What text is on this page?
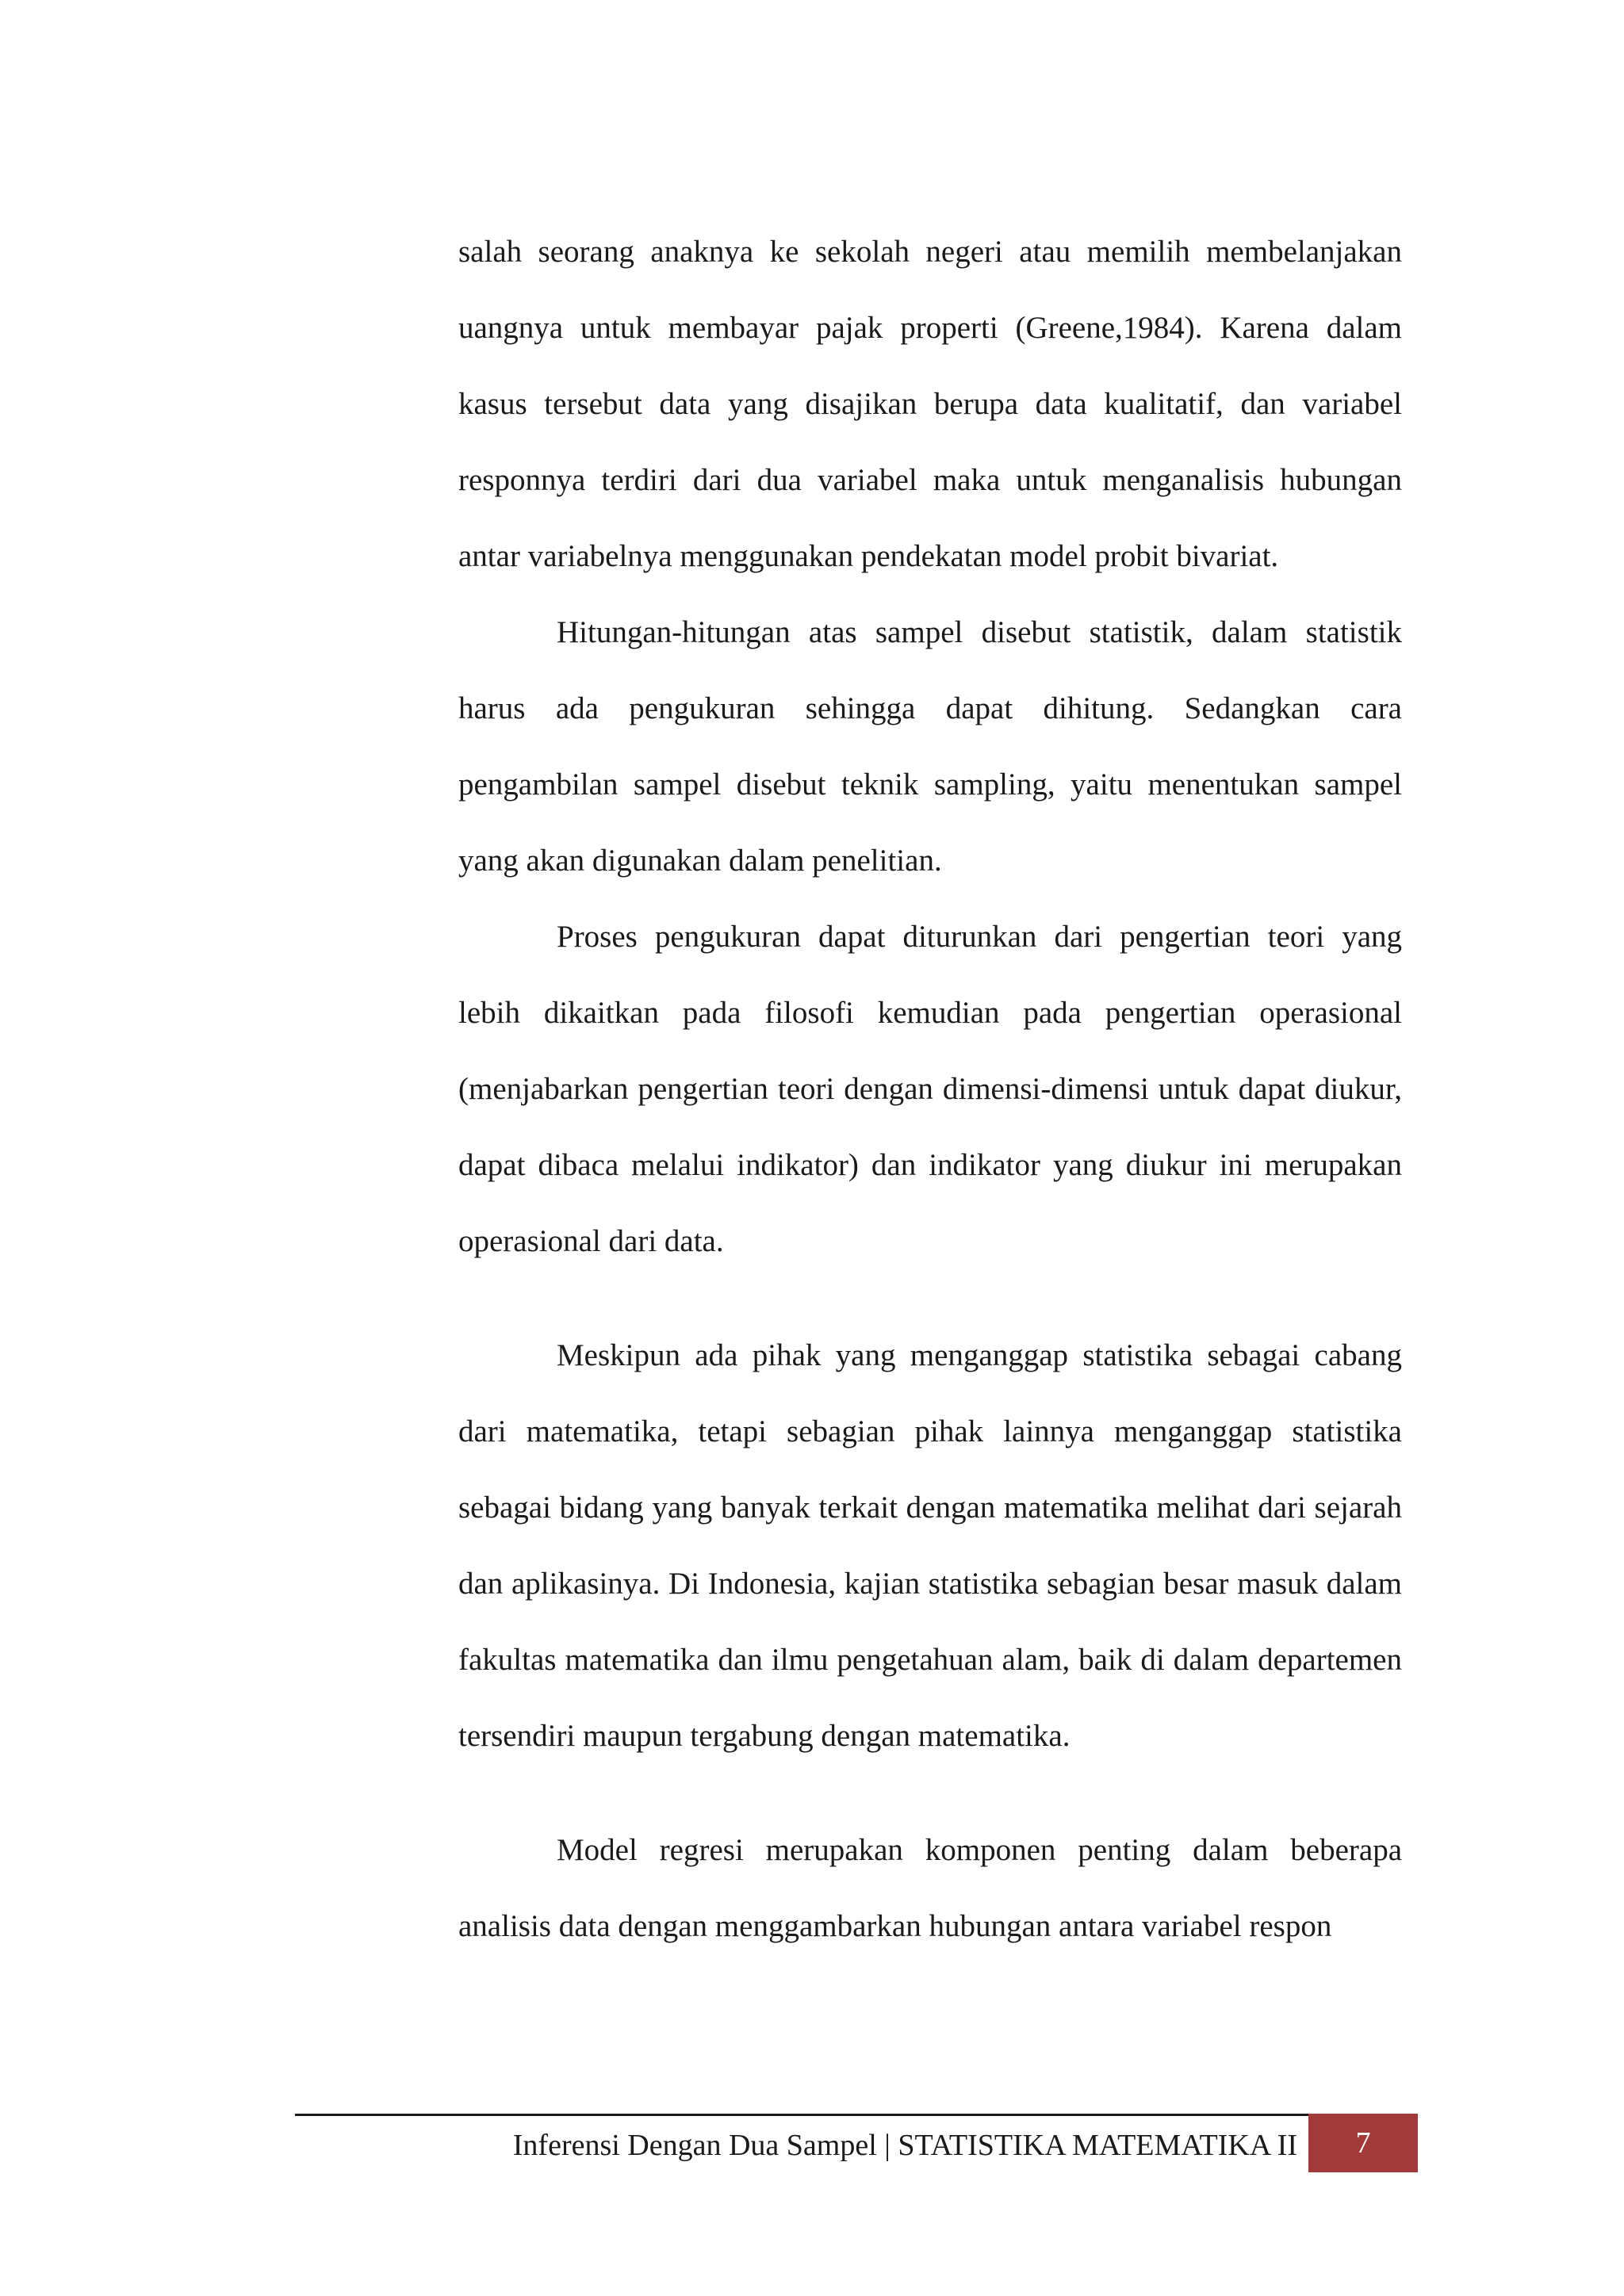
salah seorang anaknya ke sekolah negeri atau memilih membelanjakan uangnya untuk membayar pajak properti (Greene,1984). Karena dalam kasus tersebut data yang disajikan berupa data kualitatif, dan variabel responnya terdiri dari dua variabel maka untuk menganalisis hubungan antar variabelnya menggunakan pendekatan model probit bivariat.

Hitungan-hitungan atas sampel disebut statistik, dalam statistik harus ada pengukuran sehingga dapat dihitung. Sedangkan cara pengambilan sampel disebut teknik sampling, yaitu menentukan sampel yang akan digunakan dalam penelitian.

Proses pengukuran dapat diturunkan dari pengertian teori yang lebih dikaitkan pada filosofi kemudian pada pengertian operasional (menjabarkan pengertian teori dengan dimensi-dimensi untuk dapat diukur, dapat dibaca melalui indikator) dan indikator yang diukur ini merupakan operasional dari data.

Meskipun ada pihak yang menganggap statistika sebagai cabang dari matematika, tetapi sebagian pihak lainnya menganggap statistika sebagai bidang yang banyak terkait dengan matematika melihat dari sejarah dan aplikasinya. Di Indonesia, kajian statistika sebagian besar masuk dalam fakultas matematika dan ilmu pengetahuan alam, baik di dalam departemen tersendiri maupun tergabung dengan matematika.

Model regresi merupakan komponen penting dalam beberapa analisis data dengan menggambarkan hubungan antara variabel respon

Inferensi Dengan Dua Sampel | STATISTIKA MATEMATIKA II	7
